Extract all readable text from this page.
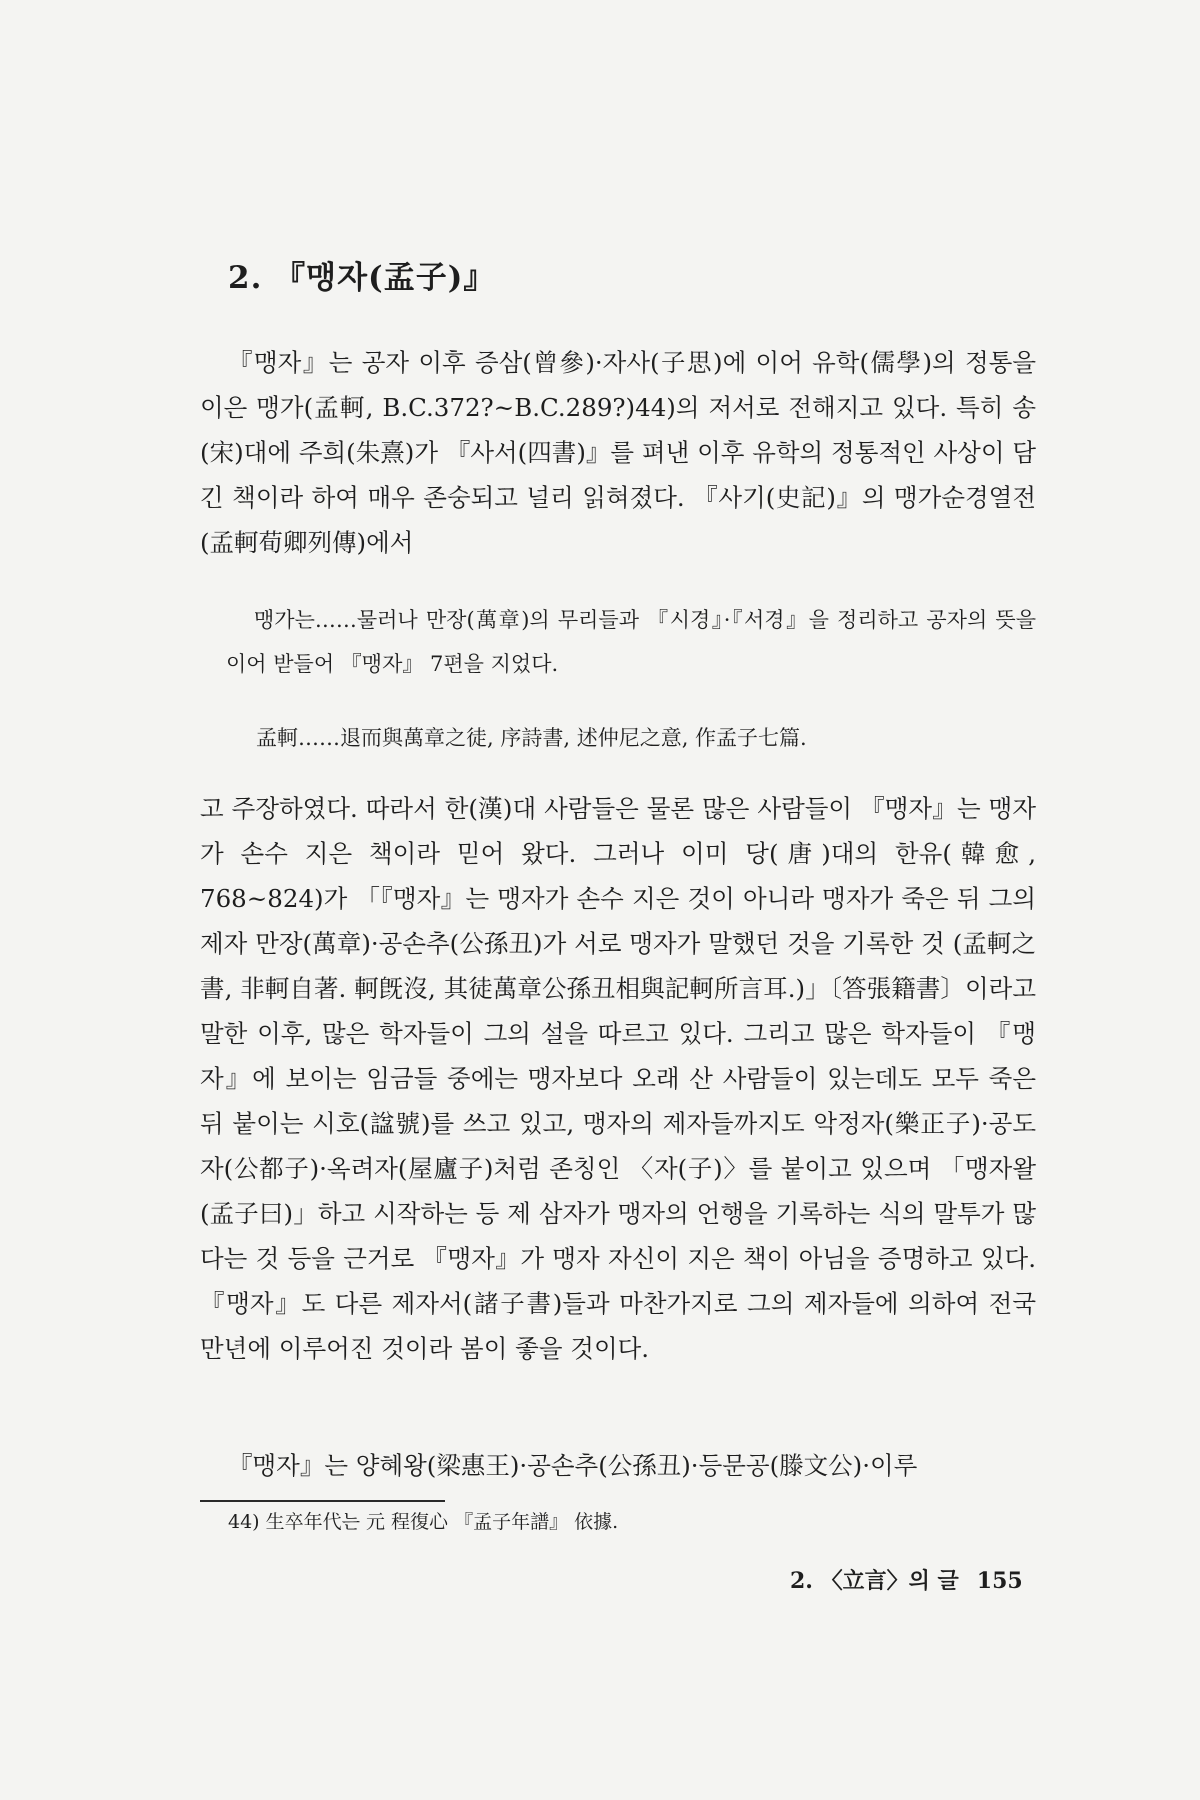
2. 『맹자(孟子)』

『맹자』는 공자 이후 증삼(曾參)·자사(子思)에 이어 유학(儒學)의 정통을 이은 맹가(孟軻, B.C.372?~B.C.289?)44)의 저서로 전해지고 있다. 특히 송(宋)대에 주희(朱熹)가 『사서(四書)』를 펴낸 이후 유학의 정통적인 사상이 담긴 책이라 하여 매우 존숭되고 널리 읽혀졌다. 『사기(史記)』의 맹가순경열전(孟軻荀卿列傳)에서

맹가는……물러나 만장(萬章)의 무리들과 『시경』·『서경』을 정리하고 공자의 뜻을 이어 받들어 『맹자』 7편을 지었다.

孟軻……退而與萬章之徒, 序詩書, 述仲尼之意, 作孟子七篇.

고 주장하였다. 따라서 한(漢)대 사람들은 물론 많은 사람들이 『맹자』는 맹자가 손수 지은 책이라 믿어 왔다. 그러나 이미 당(唐)대의 한유(韓愈, 768~824)가 「『맹자』는 맹자가 손수 지은 것이 아니라 맹자가 죽은 뒤 그의 제자 만장(萬章)·공손추(公孫丑)가 서로 맹자가 말했던 것을 기록한 것 (孟軻之書, 非軻自著. 軻旣沒, 其徒萬章公孫丑相與記軻所言耳.)」〔答張籍書〕이라고 말한 이후, 많은 학자들이 그의 설을 따르고 있다. 그리고 많은 학자들이 『맹자』에 보이는 임금들 중에는 맹자보다 오래 산 사람들이 있는데도 모두 죽은 뒤 붙이는 시호(諡號)를 쓰고 있고, 맹자의 제자들까지도 악정자(樂正子)·공도자(公都子)·옥려자(屋廬子)처럼 존칭인 〈자(子)〉를 붙이고 있으며 「맹자왈(孟子曰)」하고 시작하는 등 제 삼자가 맹자의 언행을 기록하는 식의 말투가 많다는 것 등을 근거로 『맹자』가 맹자 자신이 지은 책이 아님을 증명하고 있다. 『맹자』도 다른 제자서(諸子書)들과 마찬가지로 그의 제자들에 의하여 전국 만년에 이루어진 것이라 봄이 좋을 것이다.

『맹자』는 양혜왕(梁惠王)·공손추(公孫丑)·등문공(滕文公)·이루

44) 生卒年代는 元 程復心 『孟子年譜』 依據.
2. 〈立言〉의 글 155
